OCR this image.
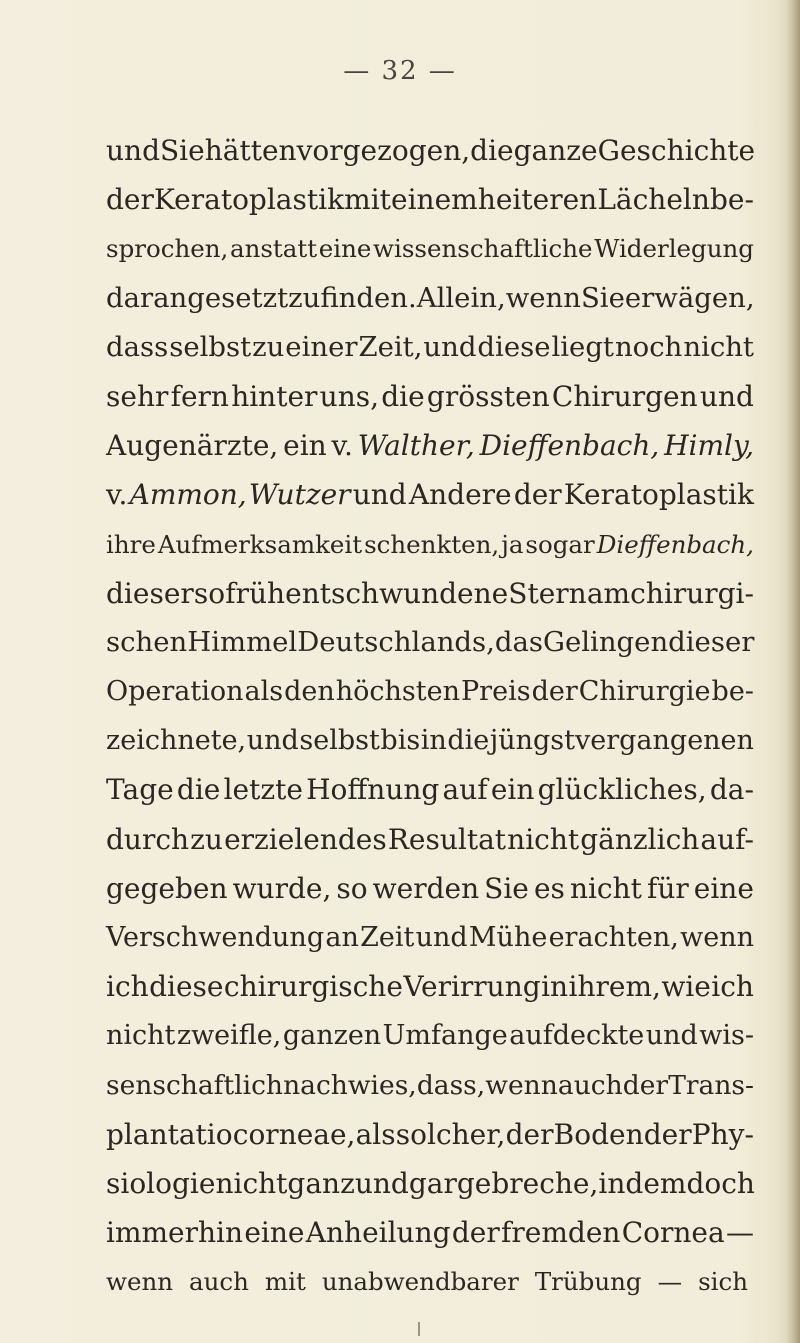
— 32 —
und Sie hätten vorgezogen, die ganze Geschichte
der Keratoplastik mit einem heiteren Lächeln be-
sprochen, anstatt eine wissenschaftliche Widerlegung
daran gesetzt zu finden. Allein, wenn Sie erwägen,
dass selbst zu einer Zeit, und diese liegt noch nicht
sehr fern hinter uns, die grössten Chirurgen und
Augenärzte, ein v. Walther, Dieffenbach, Himly,
v. Ammon, Wutzer und Andere der Keratoplastik
ihre Aufmerksamkeit schenkten, ja sogar Dieffenbach,
dieser so früh entschwundene Stern am chirurgi-
schen Himmel Deutschlands, das Gelingen dieser
Operation als den höchsten Preis der Chirurgie be-
zeichnete, und selbst bis in die jüngstvergangenen
Tage die letzte Hoffnung auf ein glückliches, da-
durch zu erzielendes Resultat nicht gänzlich auf-
gegeben wurde, so werden Sie es nicht für eine
Verschwendung an Zeit und Mühe erachten, wenn
ich diese chirurgische Verirrung in ihrem, wie ich
nicht zweifle, ganzen Umfange aufdeckte und wis-
senschaftlich nachwies, dass, wenn auch der Trans-
plantatio corneae, als solcher, der Boden der Phy-
siologie nicht ganz und gar gebreche, indem doch
immerhin eine Anheilung der fremden Cornea —
wenn auch mit unabwendbarer Trübung — sich
